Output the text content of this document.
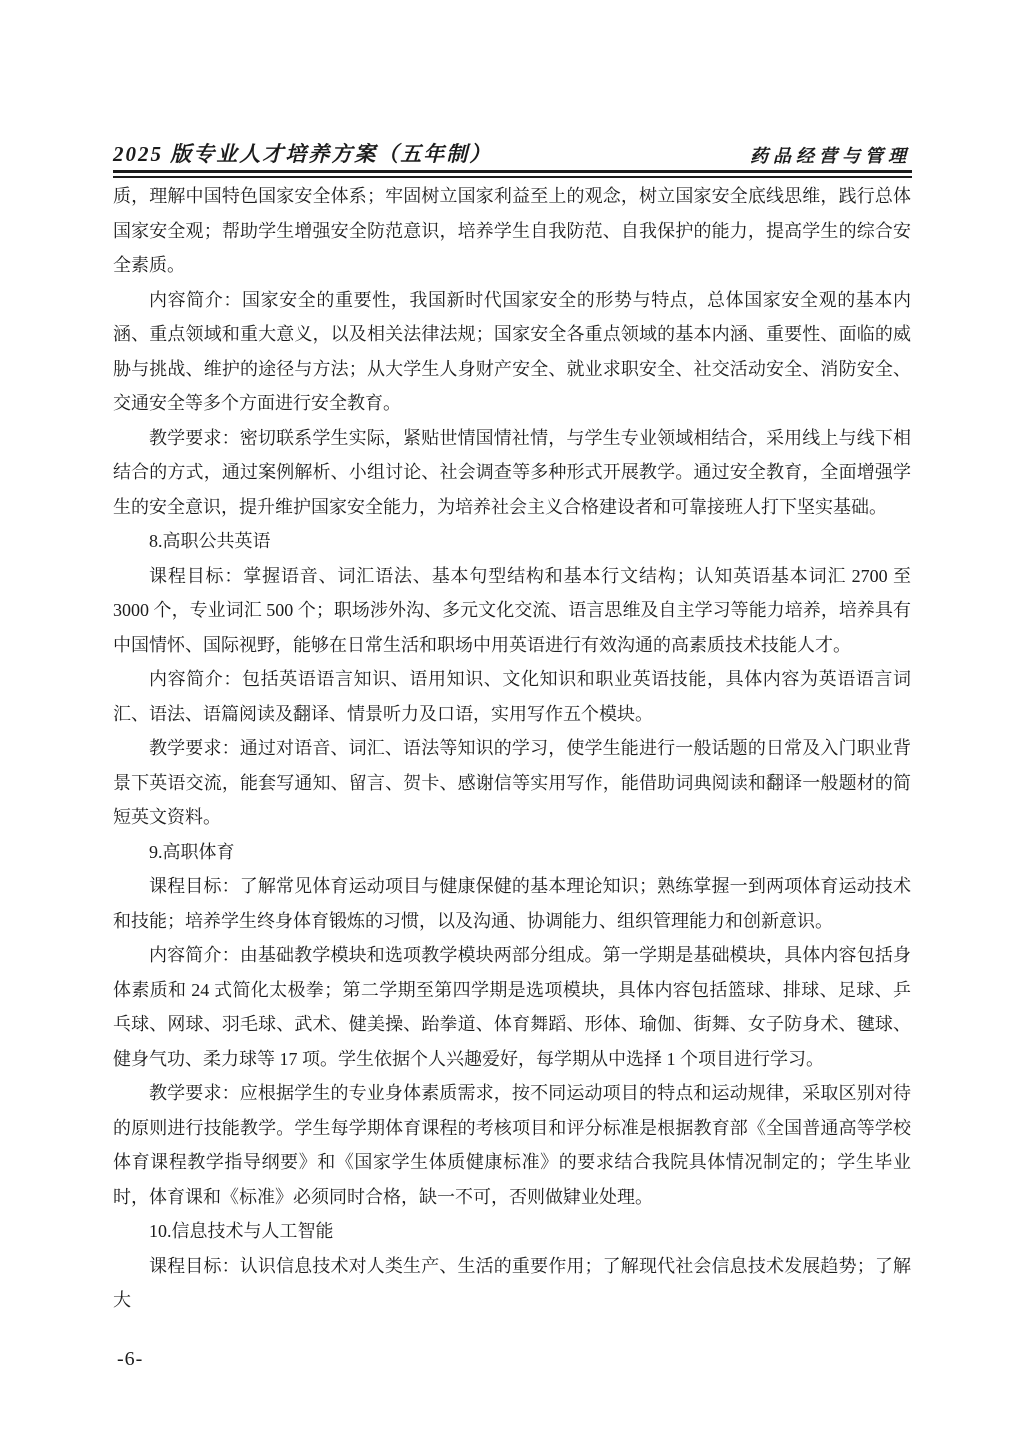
2025 版专业人才培养方案（五年制）	药品经营与管理

质，理解中国特色国家安全体系；牢固树立国家利益至上的观念，树立国家安全底线思维，践行总体国家安全观；帮助学生增强安全防范意识，培养学生自我防范、自我保护的能力，提高学生的综合安全素质。

内容简介：国家安全的重要性，我国新时代国家安全的形势与特点，总体国家安全观的基本内涵、重点领域和重大意义，以及相关法律法规；国家安全各重点领域的基本内涵、重要性、面临的威胁与挑战、维护的途径与方法；从大学生人身财产安全、就业求职安全、社交活动安全、消防安全、交通安全等多个方面进行安全教育。

教学要求：密切联系学生实际，紧贴世情国情社情，与学生专业领域相结合，采用线上与线下相结合的方式，通过案例解析、小组讨论、社会调查等多种形式开展教学。通过安全教育，全面增强学生的安全意识，提升维护国家安全能力，为培养社会主义合格建设者和可靠接班人打下坚实基础。

8.高职公共英语

课程目标：掌握语音、词汇语法、基本句型结构和基本行文结构；认知英语基本词汇 2700 至 3000 个，专业词汇 500 个；职场涉外沟、多元文化交流、语言思维及自主学习等能力培养，培养具有中国情怀、国际视野，能够在日常生活和职场中用英语进行有效沟通的高素质技术技能人才。

内容简介：包括英语语言知识、语用知识、文化知识和职业英语技能，具体内容为英语语言词汇、语法、语篇阅读及翻译、情景听力及口语，实用写作五个模块。

教学要求：通过对语音、词汇、语法等知识的学习，使学生能进行一般话题的日常及入门职业背景下英语交流，能套写通知、留言、贺卡、感谢信等实用写作，能借助词典阅读和翻译一般题材的简短英文资料。

9.高职体育

课程目标：了解常见体育运动项目与健康保健的基本理论知识；熟练掌握一到两项体育运动技术和技能；培养学生终身体育锻炼的习惯，以及沟通、协调能力、组织管理能力和创新意识。

内容简介：由基础教学模块和选项教学模块两部分组成。第一学期是基础模块，具体内容包括身体素质和 24 式简化太极拳；第二学期至第四学期是选项模块，具体内容包括篮球、排球、足球、乒乓球、网球、羽毛球、武术、健美操、跆拳道、体育舞蹈、形体、瑜伽、街舞、女子防身术、毽球、健身气功、柔力球等 17 项。学生依据个人兴趣爱好，每学期从中选择 1 个项目进行学习。

教学要求：应根据学生的专业身体素质需求，按不同运动项目的特点和运动规律，采取区别对待的原则进行技能教学。学生每学期体育课程的考核项目和评分标准是根据教育部《全国普通高等学校体育课程教学指导纲要》和《国家学生体质健康标准》的要求结合我院具体情况制定的；学生毕业时，体育课和《标准》必须同时合格，缺一不可，否则做肄业处理。

10.信息技术与人工智能

课程目标：认识信息技术对人类生产、生活的重要作用；了解现代社会信息技术发展趋势；了解大

-6-
